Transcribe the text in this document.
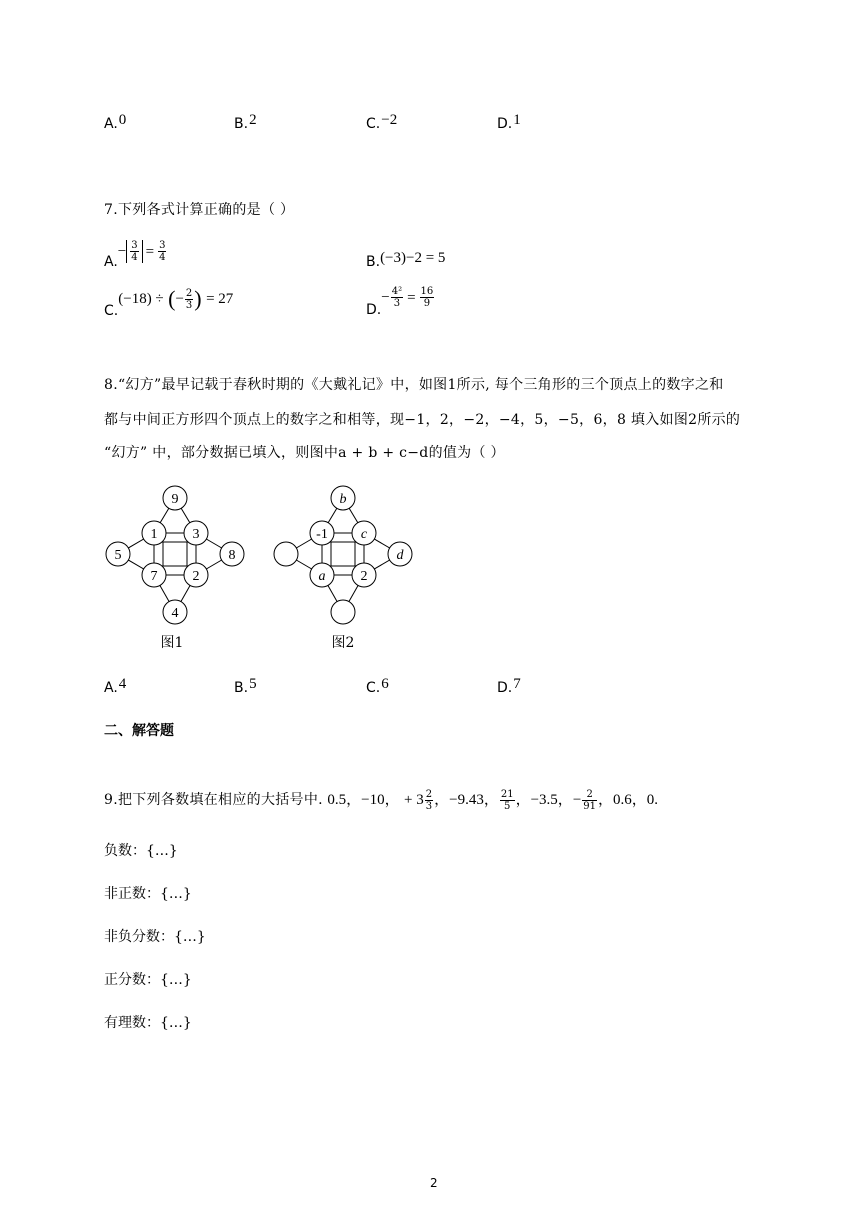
A.0	B.2	C.−2	D.1
7.下列各式计算正确的是（ ）
$A.- \frac{3}{4} = \frac{3}{4}$	B.(−3)−2 = 5
C.(−18) ÷ (− $\frac{2}{3}$ ) = 27
$D.- \frac{\text{4²}}{3} = \frac{16}{9}$
8.“幻方”最早记载于春秋时期的《大戴礼记》中，如图1所示, 每个三角形的三个顶点上的数字之和
都与中间正方形四个顶点上的数字之和相等，现−1，2，−2，−4，5，−5，6，8 填入如图2所示的
“幻方” 中，部分数据已填入，则图中a + b + c−d的值为（ ）
9
1	3
5	8
7	2
4
图1
b
-1 c
d
a	2
图2
A.4	B.5	C.6	D.7
二、解答题
9.把下列各数填在相应的大括号中. 0.5，−10， + $3 \frac{2}{3}$ ，−9.43， $\frac{21}{5}$ ，−3.5，− $\frac{2}{91}$ ，0.6，0.
负数：{…}
非正数：{…}
非负分数：{…}
正分数：{…}
有理数：{…}
2
